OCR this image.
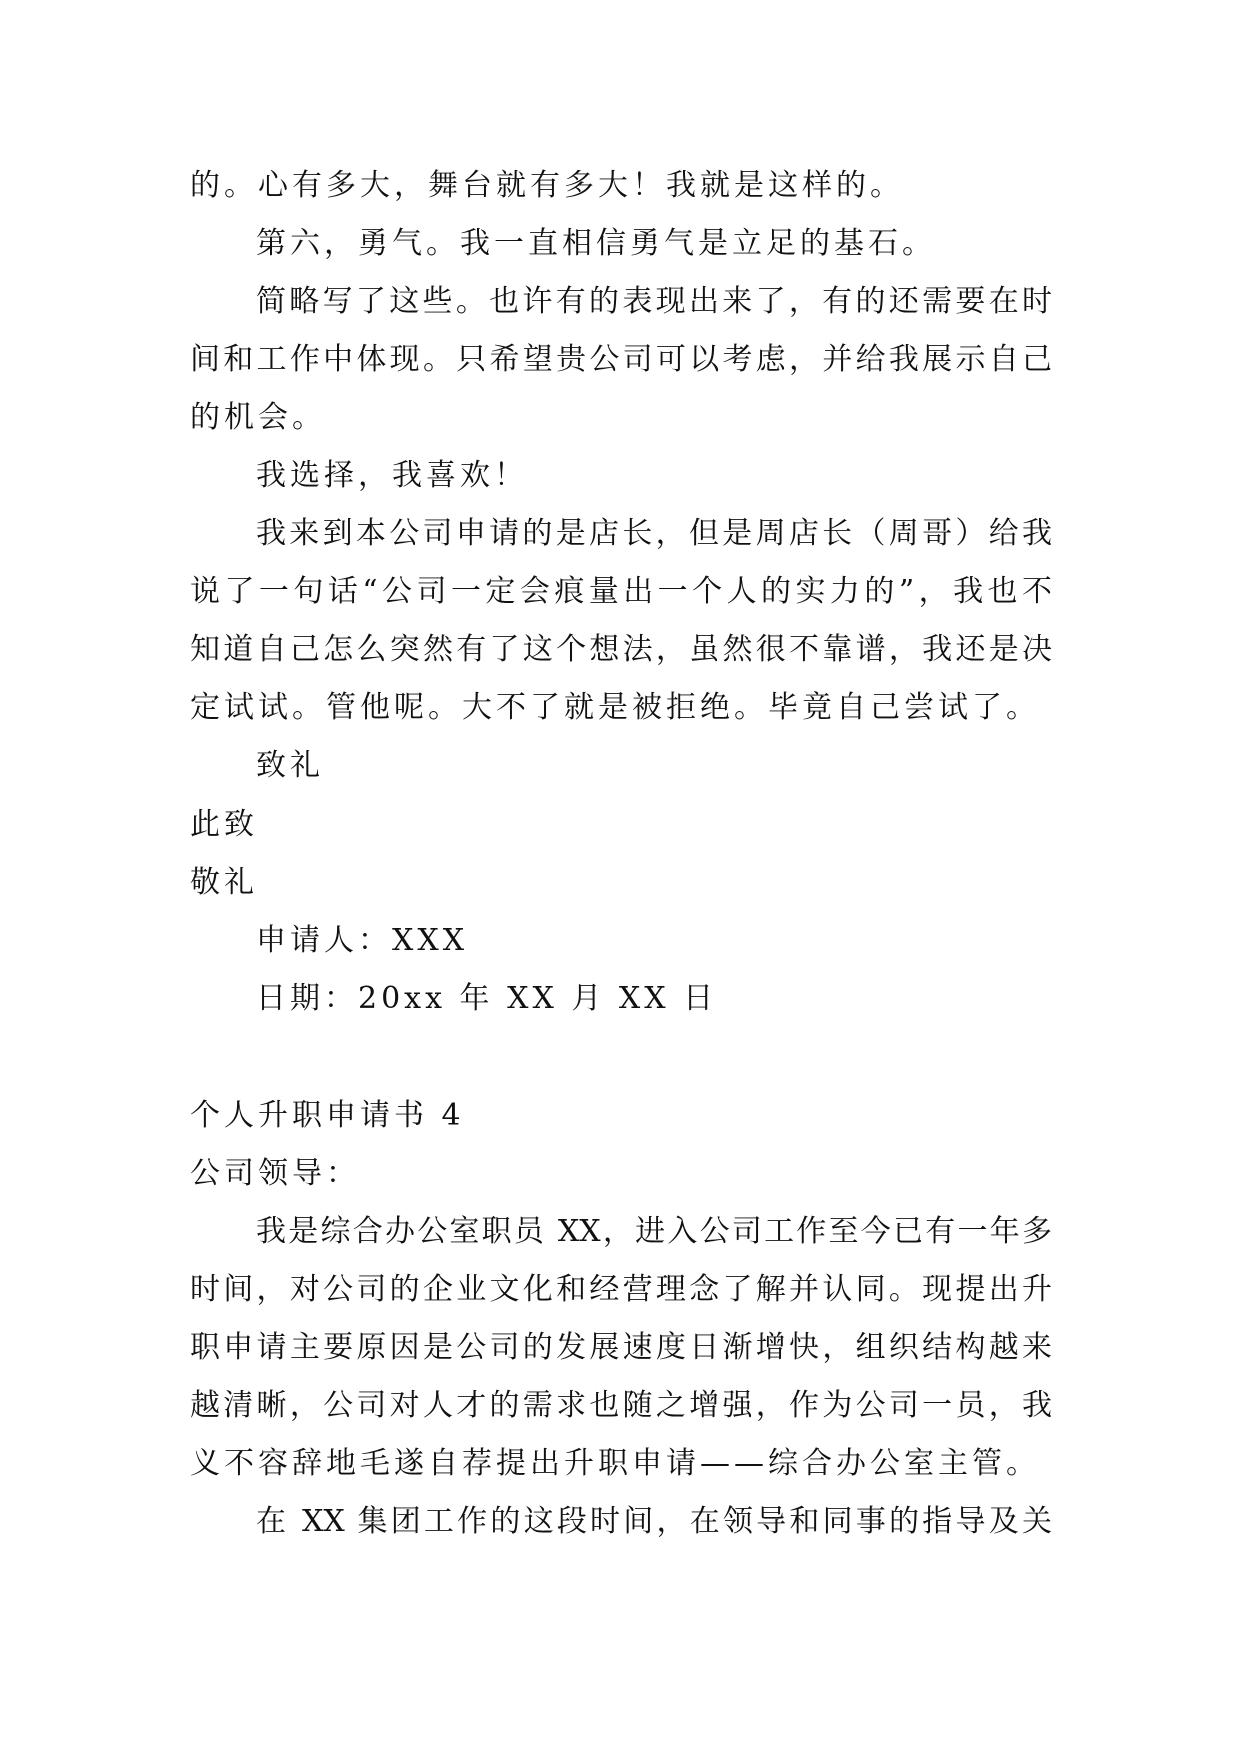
的。心有多大，舞台就有多大！我就是这样的。
第六，勇气。我一直相信勇气是立足的基石。
简略写了这些。也许有的表现出来了，有的还需要在时
间和工作中体现。只希望贵公司可以考虑，并给我展示自己
的机会。
我选择，我喜欢！
我来到本公司申请的是店长，但是周店长（周哥）给我
说了一句话“公司一定会痕量出一个人的实力的”，我也不
知道自己怎么突然有了这个想法，虽然很不靠谱，我还是决
定试试。管他呢。大不了就是被拒绝。毕竟自己尝试了。
致礼
此致
敬礼
申请人：XXX
日期：20xx 年 XX 月 XX 日
个人升职申请书 4
公司领导：
我是综合办公室职员 XX，进入公司工作至今已有一年多
时间，对公司的企业文化和经营理念了解并认同。现提出升
职申请主要原因是公司的发展速度日渐增快，组织结构越来
越清晰，公司对人才的需求也随之增强，作为公司一员，我
义不容辞地毛遂自荐提出升职申请——综合办公室主管。
在 XX 集团工作的这段时间，在领导和同事的指导及关
